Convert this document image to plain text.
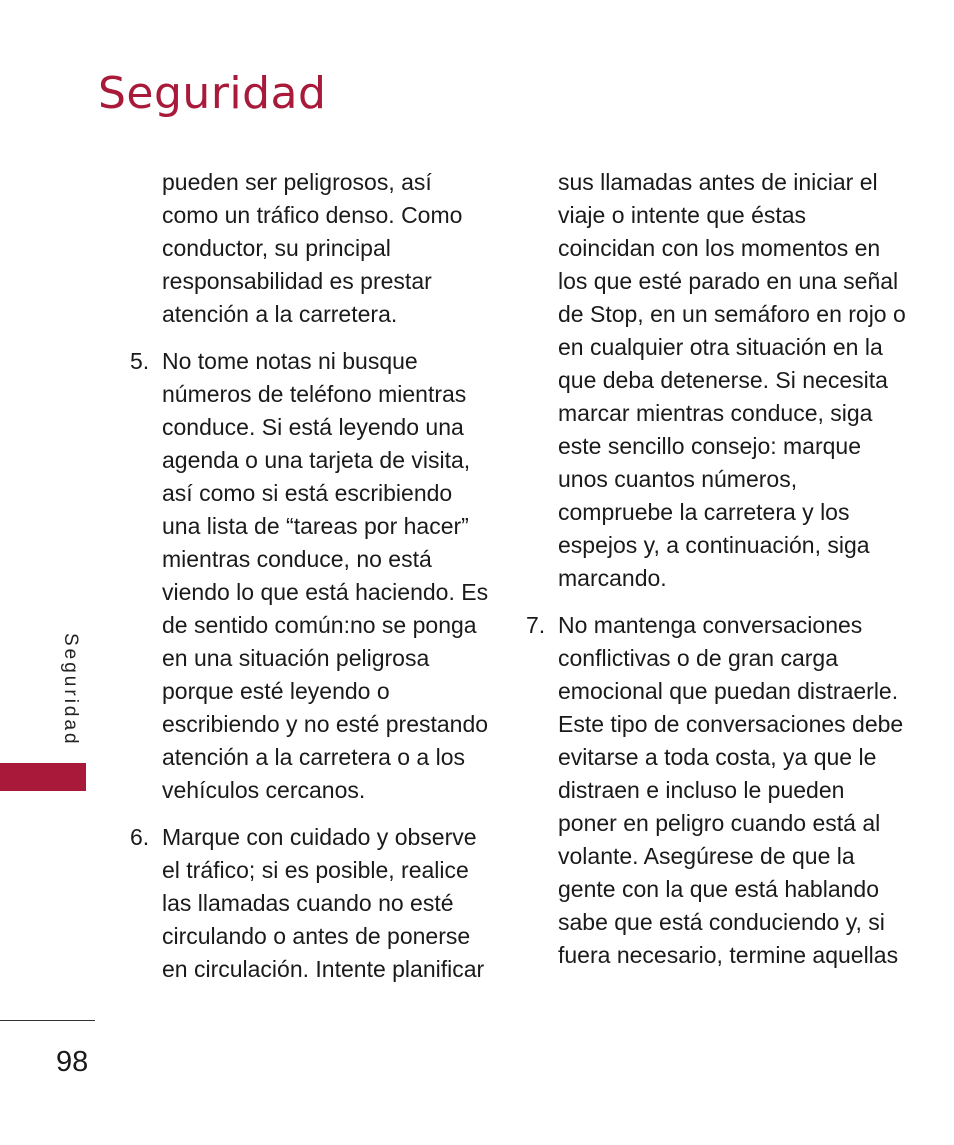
Seguridad

pueden ser peligrosos, así como un tráfico denso. Como conductor, su principal responsabilidad es prestar atención a la carretera.

5. No tome notas ni busque números de teléfono mientras conduce. Si está leyendo una agenda o una tarjeta de visita, así como si está escribiendo una lista de “tareas por hacer” mientras conduce, no está viendo lo que está haciendo. Es de sentido común:no se ponga en una situación peligrosa porque esté leyendo o escribiendo y no esté prestando atención a la carretera o a los vehículos cercanos.

6. Marque con cuidado y observe el tráfico; si es posible, realice las llamadas cuando no esté circulando o antes de ponerse en circulación. Intente planificar

sus llamadas antes de iniciar el viaje o intente que éstas coincidan con los momentos en los que esté parado en una señal de Stop, en un semáforo en rojo o en cualquier otra situación en la que deba detenerse. Si necesita marcar mientras conduce, siga este sencillo consejo: marque unos cuantos números, compruebe la carretera y los espejos y, a continuación, siga marcando.

7. No mantenga conversaciones conflictivas o de gran carga emocional que puedan distraerle. Este tipo de conversaciones debe evitarse a toda costa, ya que le distraen e incluso le pueden poner en peligro cuando está al volante. Asegúrese de que la gente con la que está hablando sabe que está conduciendo y, si fuera necesario, termine aquellas

Seguridad
98
